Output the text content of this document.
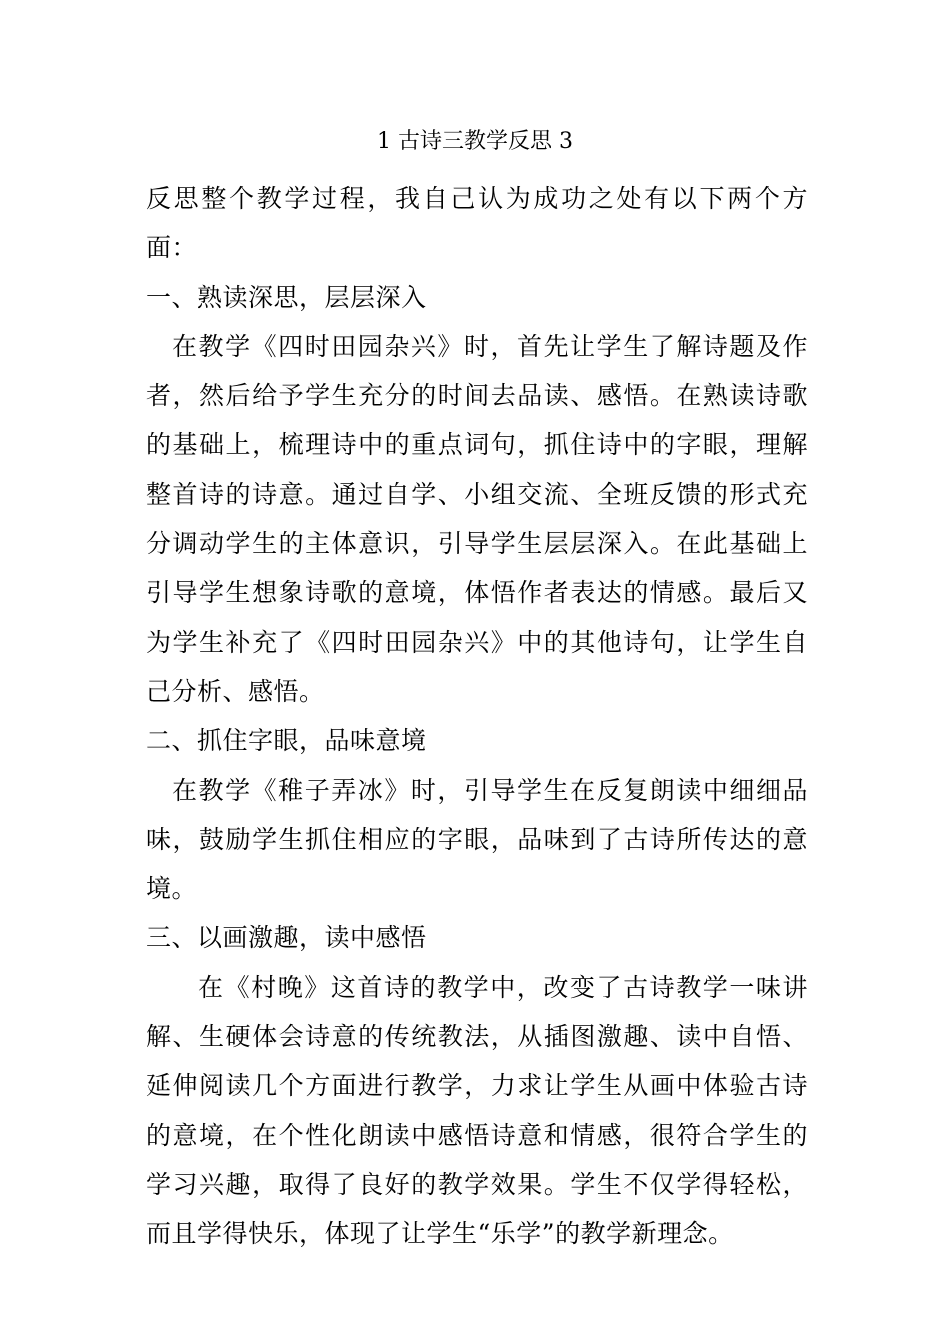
1 古诗三教学反思 3

反思整个教学过程，我自己认为成功之处有以下两个方面：

一、熟读深思，层层深入

在教学《四时田园杂兴》时，首先让学生了解诗题及作者，然后给予学生充分的时间去品读、感悟。在熟读诗歌的基础上，梳理诗中的重点词句，抓住诗中的字眼，理解整首诗的诗意。通过自学、小组交流、全班反馈的形式充分调动学生的主体意识，引导学生层层深入。在此基础上引导学生想象诗歌的意境，体悟作者表达的情感。最后又为学生补充了《四时田园杂兴》中的其他诗句，让学生自己分析、感悟。

二、抓住字眼，品味意境

在教学《稚子弄冰》时，引导学生在反复朗读中细细品味，鼓励学生抓住相应的字眼，品味到了古诗所传达的意境。

三、以画激趣，读中感悟

在《村晚》这首诗的教学中，改变了古诗教学一味讲解、生硬体会诗意的传统教法，从插图激趣、读中自悟、延伸阅读几个方面进行教学，力求让学生从画中体验古诗的意境，在个性化朗读中感悟诗意和情感，很符合学生的学习兴趣，取得了良好的教学效果。学生不仅学得轻松，而且学得快乐，体现了让学生“乐学”的教学新理念。
